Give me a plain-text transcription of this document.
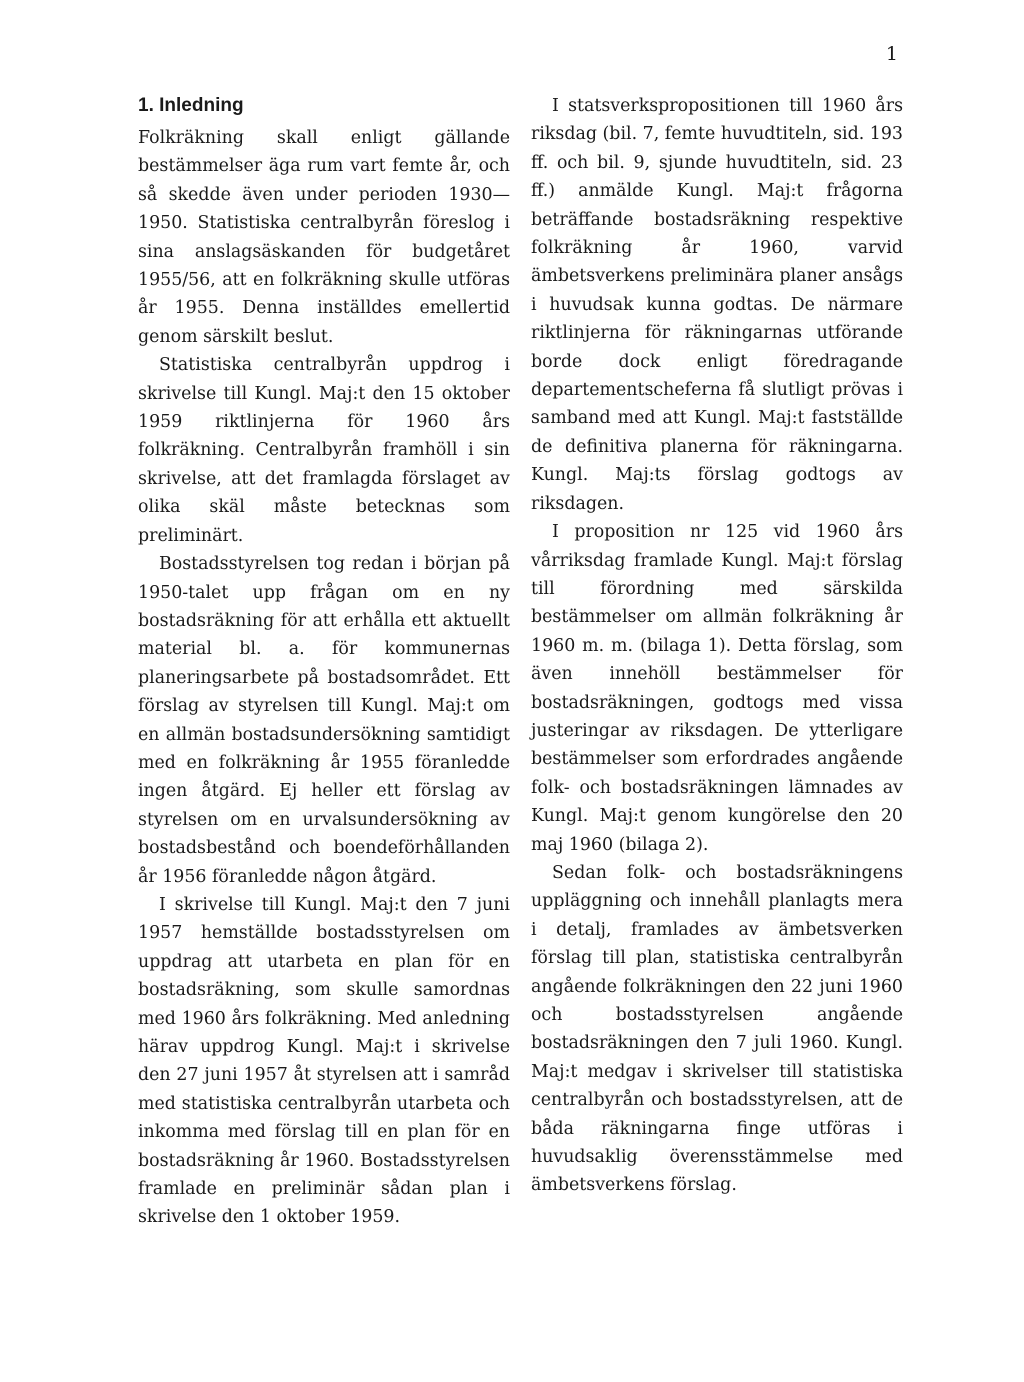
1
1. Inledning

Folkräkning skall enligt gällande bestämmelser äga rum vart femte år, och så skedde även under perioden 1930—1950. Statistiska centralbyrån föreslog i sina anslagsäskanden för budgetåret 1955/56, att en folkräkning skulle utföras år 1955. Denna inställdes emellertid genom särskilt beslut.

Statistiska centralbyrån uppdrog i skrivelse till Kungl. Maj:t den 15 oktober 1959 riktlinjerna för 1960 års folkräkning. Centralbyrån framhöll i sin skrivelse, att det framlagda förslaget av olika skäl måste betecknas som preliminärt.

Bostadsstyrelsen tog redan i början på 1950-talet upp frågan om en ny bostadsräkning för att erhålla ett aktuellt material bl. a. för kommunernas planeringsarbete på bostadsområdet. Ett förslag av styrelsen till Kungl. Maj:t om en allmän bostadsundersökning samtidigt med en folkräkning år 1955 föranledde ingen åtgärd. Ej heller ett förslag av styrelsen om en urvalsundersökning av bostadsbestånd och boendeförhållanden år 1956 föranledde någon åtgärd.

I skrivelse till Kungl. Maj:t den 7 juni 1957 hemställde bostadsstyrelsen om uppdrag att utarbeta en plan för en bostadsräkning, som skulle samordnas med 1960 års folkräkning. Med anledning härav uppdrog Kungl. Maj:t i skrivelse den 27 juni 1957 åt styrelsen att i samråd med statistiska centralbyrån utarbeta och inkomma med förslag till en plan för en bostadsräkning år 1960. Bostadsstyrelsen framlade en preliminär sådan plan i skrivelse den 1 oktober 1959.

I statsverkspropositionen till 1960 års riksdag (bil. 7, femte huvudtiteln, sid. 193 ff. och bil. 9, sjunde huvudtiteln, sid. 23 ff.) anmälde Kungl. Maj:t frågorna beträffande bostadsräkning respektive folkräkning år 1960, varvid ämbetsverkens preliminära planer ansågs i huvudsak kunna godtas. De närmare riktlinjerna för räkningarnas utförande borde dock enligt föredragande departementscheferna få slutligt prövas i samband med att Kungl. Maj:t fastställde de definitiva planerna för räkningarna. Kungl. Maj:ts förslag godtogs av riksdagen.

I proposition nr 125 vid 1960 års vårriksdag framlade Kungl. Maj:t förslag till förordning med särskilda bestämmelser om allmän folkräkning år 1960 m. m. (bilaga 1). Detta förslag, som även innehöll bestämmelser för bostadsräkningen, godtogs med vissa justeringar av riksdagen. De ytterligare bestämmelser som erfordrades angående folk- och bostadsräkningen lämnades av Kungl. Maj:t genom kungörelse den 20 maj 1960 (bilaga 2).

Sedan folk- och bostadsräkningens uppläggning och innehåll planlagts mera i detalj, framlades av ämbetsverken förslag till plan, statistiska centralbyrån angående folkräkningen den 22 juni 1960 och bostadsstyrelsen angående bostadsräkningen den 7 juli 1960. Kungl. Maj:t medgav i skrivelser till statistiska centralbyrån och bostadsstyrelsen, att de båda räkningarna finge utföras i huvudsaklig överensstämmelse med ämbetsverkens förslag.
